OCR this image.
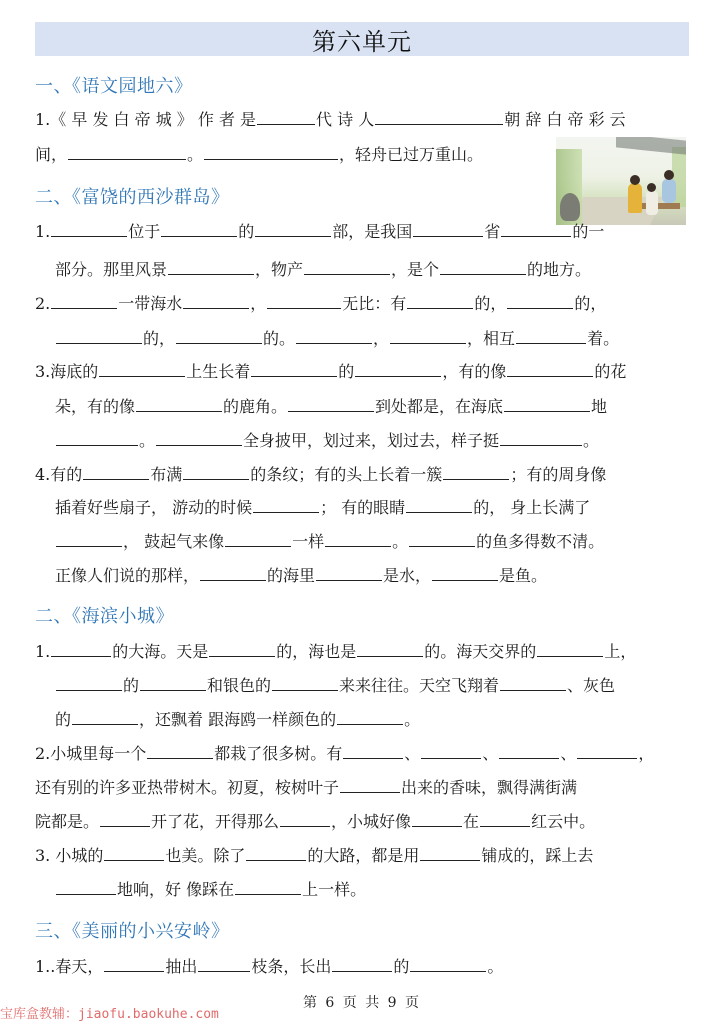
第六单元
一、《语文园地六》
二、《富饶的西沙群岛》
二、《海滨小城》
三、《美丽的小兴安岭》
1.《 早 发 白 帝 城 》 作 者 是	代 诗 人	朝 辞 白 帝 彩 云
间，	。	，轻舟已过万重山。
1.	位于	的	部，是我国	省	的一
部分。那里风景	，物产	，是个	的地方。
2.	一带海水	，	无比：有	的，	的，
的，	的。	，	，相互	着。
3.海底的	上生长着	的	，有的像	的花
朵，有的像	的鹿角。	到处都是，在海底	地
。	全身披甲，划过来，划过去，样子挺	。
4.有的	布满	的条纹；有的头上长着一簇	；有的周身像
插着好些扇子， 游动的时候	； 有的眼睛	的， 身上长满了
， 鼓起气来像	一样	。	的鱼多得数不清。
正像人们说的那样，	的海里	是水，	是鱼。
1.	的大海。天是	的，海也是	的。海天交界的	上，
的	和银色的	来来往往。天空飞翔着	、灰色
的	，还飘着 跟海鸥一样颜色的	。
2.小城里每一个	都栽了很多树。有	、	、	、	，
还有别的许多亚热带树木。初夏，桉树叶子	出来的香味，飘得满街满
院都是。	开了花，开得那么	，小城好像	在	红云中。
3. 小城的	也美。除了	的大路，都是用	铺成的，踩上去
地响，好 像踩在	上一样。
1..春天，	抽出	枝条，长出	的	。
第 6 页 共 9 页
宝库盒教辅：jiaofu.baokuhe.com
